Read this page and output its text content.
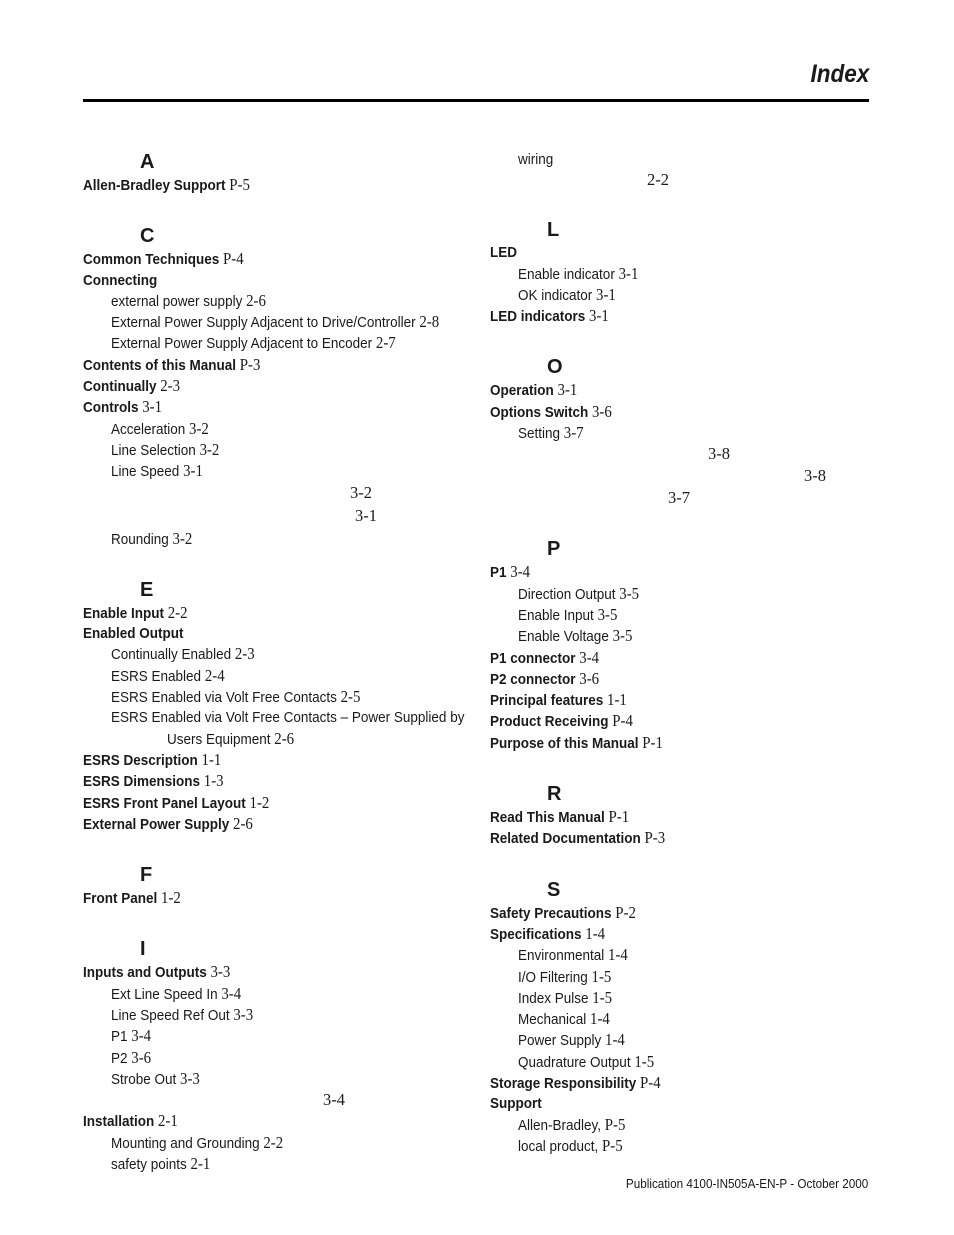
Index
A
Allen-Bradley Support P-5
C
Common Techniques P-4
Connecting
external power supply 2-6
External Power Supply Adjacent to Drive/Controller 2-8
External Power Supply Adjacent to Encoder 2-7
Contents of this Manual P-3
Continually 2-3
Controls 3-1
Acceleration 3-2
Line Selection 3-2
Line Speed 3-1
3-2
3-1
Rounding 3-2
E
Enable Input 2-2
Enabled Output
Continually Enabled 2-3
ESRS Enabled 2-4
ESRS Enabled via Volt Free Contacts 2-5
ESRS Enabled via Volt Free Contacts – Power Supplied by
Users Equipment 2-6
ESRS Description 1-1
ESRS Dimensions 1-3
ESRS Front Panel Layout 1-2
External Power Supply 2-6
F
Front Panel 1-2
I
Inputs and Outputs 3-3
Ext Line Speed In 3-4
Line Speed Ref Out 3-3
P1 3-4
P2 3-6
Strobe Out 3-3
3-4
Installation 2-1
Mounting and Grounding 2-2
safety points 2-1
wiring
2-2
L
LED
Enable indicator 3-1
OK indicator 3-1
LED indicators 3-1
O
Operation 3-1
Options Switch 3-6
Setting 3-7
3-8
3-8
3-7
P
P1 3-4
Direction Output 3-5
Enable Input 3-5
Enable Voltage 3-5
P1 connector 3-4
P2 connector 3-6
Principal features 1-1
Product Receiving P-4
Purpose of this Manual P-1
R
Read This Manual P-1
Related Documentation P-3
S
Safety Precautions P-2
Specifications 1-4
Environmental 1-4
I/O Filtering 1-5
Index Pulse 1-5
Mechanical 1-4
Power Supply 1-4
Quadrature Output 1-5
Storage Responsibility P-4
Support
Allen-Bradley, P-5
local product, P-5
Publication 4100-IN505A-EN-P - October 2000
